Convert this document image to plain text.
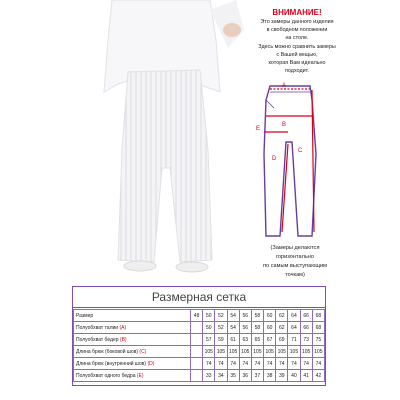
ВНИМАНИЕ!
Это замеры данного изделия
в свободном положении
на столе.
Здесь можно сравнить замеры
с Вашей вещью,
которая Вам идеально
подходит.
A
B
C
D
E
(Замеры делаются
горизонтально
по самым выступающим
точкам)
Размерная сетка
Размер	48	50	52	54	56	58	60	62	64	66	68
Полуобхват талии (A)		50	52	54	56	58	60	62	64	66	68
Полуобхват бедер (B)		57	59	61	63	65	67	69	71	73	75
Длина брюк (боковой шов) (C)		105	105	105	105	105	105	105	105	105	105
Длина брюк (внутренний шов) (D)		74	74	74	74	74	74	74	74	74	74
Полуобхват одного бедра (E)		33	34	35	36	37	38	39	40	41	42
